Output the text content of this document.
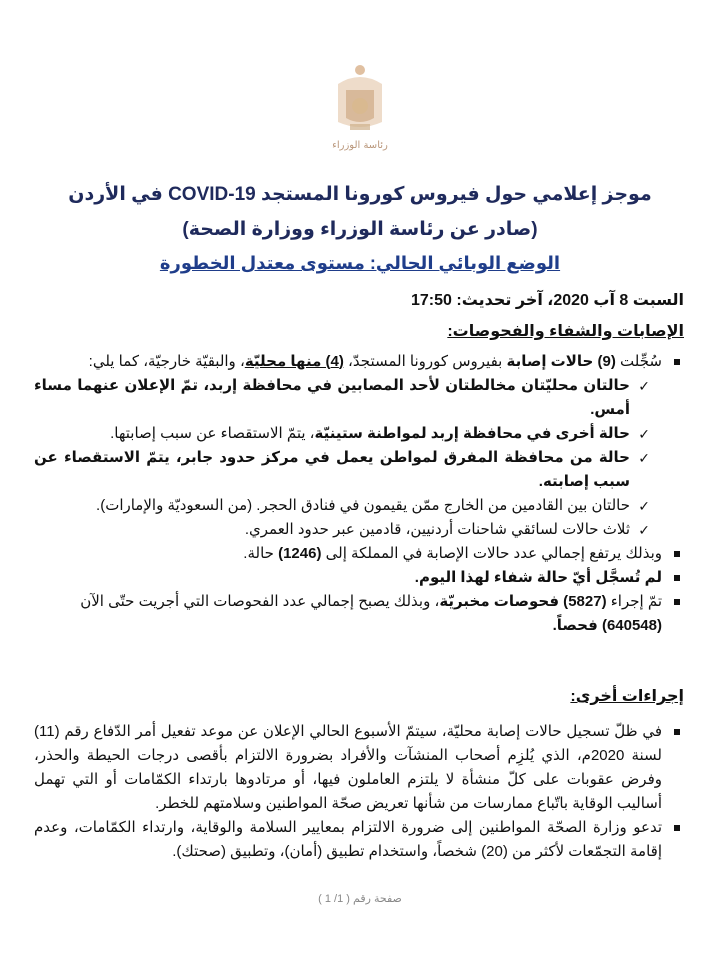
رئاسة الوزراء
موجز إعلامي حول فيروس كورونا المستجد COVID-19 في الأردن
(صادر عن رئاسة الوزراء ووزارة الصحة)
الوضع الوبائي الحالي: مستوى معتدل الخطورة
السبت 8 آب 2020، آخر تحديث: 17:50
الإصابات والشفاء والفحوصات:
سُجِّلت (9) حالات إصابة بفيروس كورونا المستجدّ، (4) منها محليّة، والبقيّة خارجيّة، كما يلي:
✓
حالتان محليّتان مخالطتان لأحد المصابين في محافظة إربد، تمّ الإعلان عنهما مساء أمس.
✓
حالة أخرى في محافظة إربد لمواطنة ستينيّة، يتمّ الاستقصاء عن سبب إصابتها.
✓
حالة من محافظة المفرق لمواطن يعمل في مركز حدود جابر، يتمّ الاستقصاء عن سبب إصابته.
✓
حالتان بين القادمين من الخارج ممّن يقيمون في فنادق الحجر. (من السعوديّة والإمارات).
✓
ثلاث حالات لسائقي شاحنات أردنيين، قادمين عبر حدود العمري.
وبذلك يرتفع إجمالي عدد حالات الإصابة في المملكة إلى (1246) حالة.
لم تُسجَّل أيّ حالة شفاء لهذا اليوم.
تمّ إجراء (5827) فحوصات مخبريّة، وبذلك يصبح إجمالي عدد الفحوصات التي أجريت حتّى الآن (640548) فحصاً.
إجراءات أخرى:
في ظلّ تسجيل حالات إصابة محليّة، سيتمّ الأسبوع الحالي الإعلان عن موعد تفعيل أمر الدّفاع رقم (11) لسنة 2020م، الذي يُلزِم أصحاب المنشآت والأفراد بضرورة الالتزام بأقصى درجات الحيطة والحذر، وفرض عقوبات على كلّ منشأة لا يلتزم العاملون فيها، أو مرتادوها بارتداء الكمّامات أو التي تهمل أساليب الوقاية باتّباع ممارسات من شأنها تعريض صحّة المواطنين وسلامتهم للخطر.
تدعو وزارة الصحّة المواطنين إلى ضرورة الالتزام بمعايير السلامة والوقاية، وارتداء الكمّامات، وعدم إقامة التجمّعات لأكثر من (20) شخصاً، واستخدام تطبيق (أمان)، وتطبيق (صحتك).
صفحة رقم ( 1/ 1 )
